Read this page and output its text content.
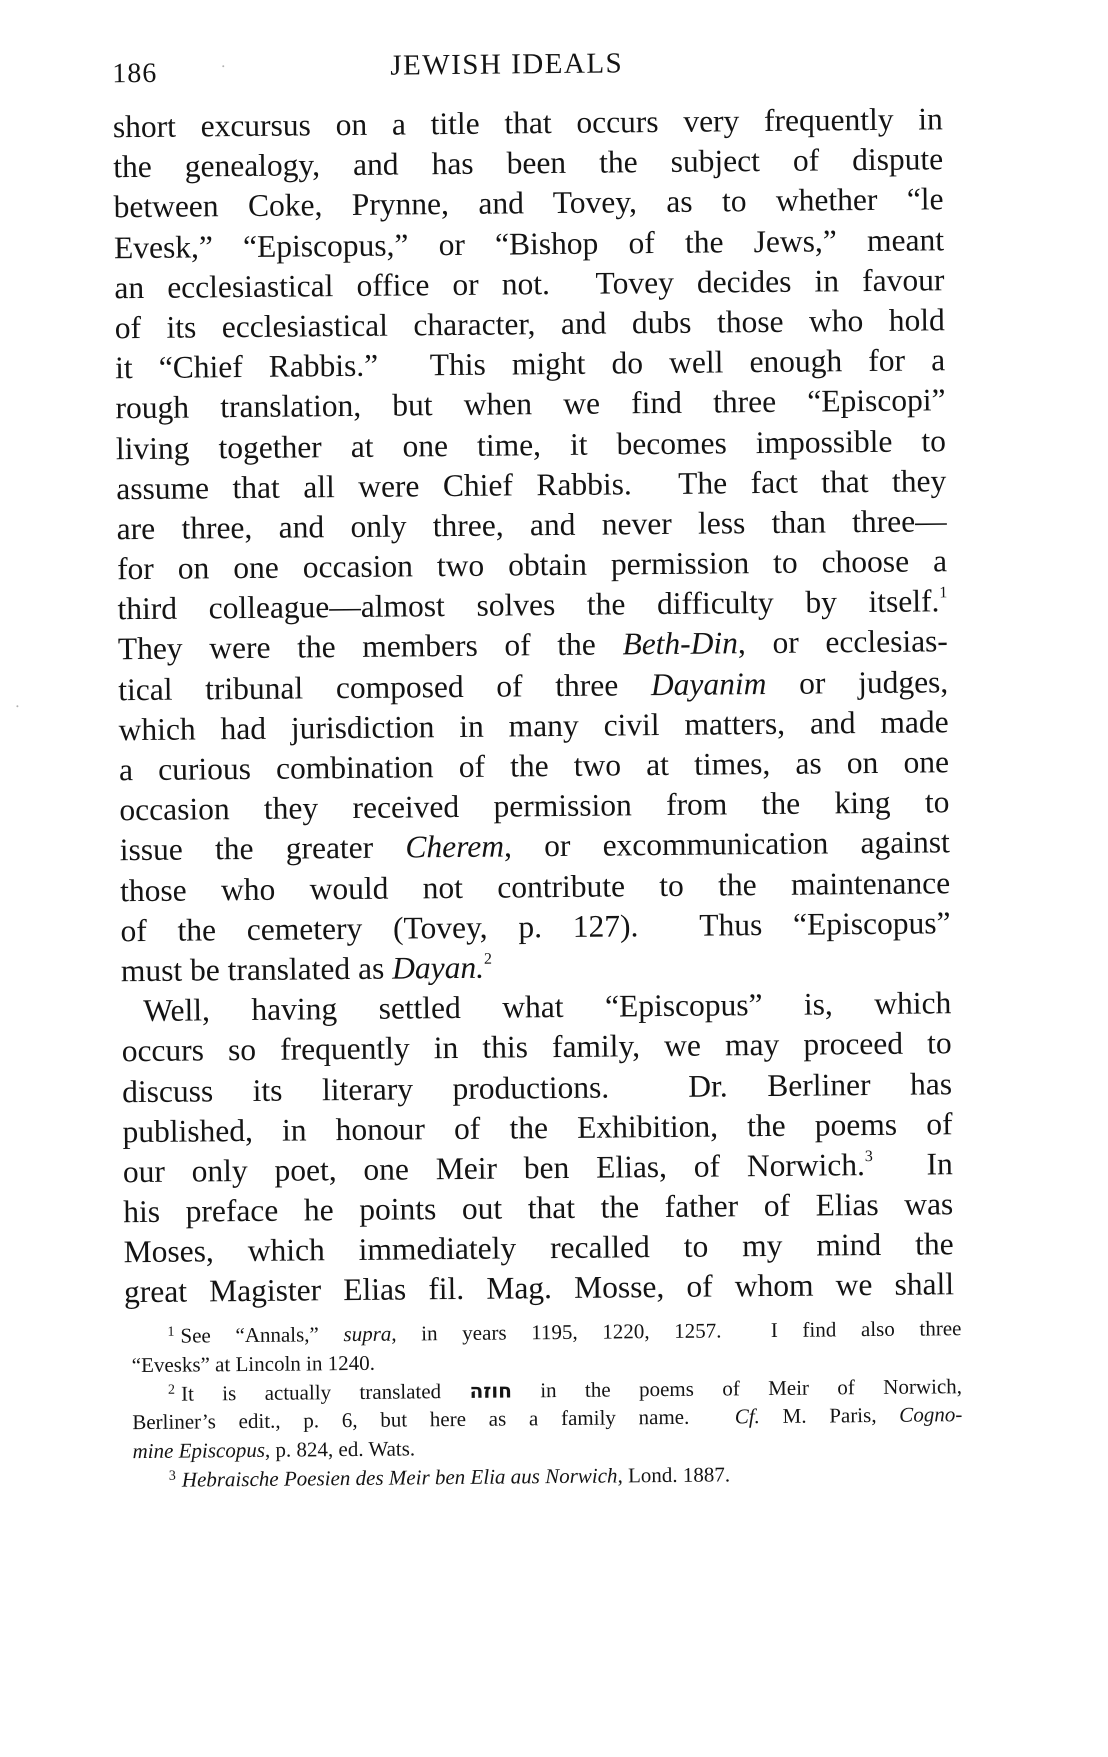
186	JEWISH IDEALS
short excursus on a title that occurs very frequently in
the genealogy, and has been the subject of dispute
between Coke, Prynne, and Tovey, as to whether “le
Evesk,” “Episcopus,” or “Bishop of the Jews,” meant
an ecclesiastical office or not.  Tovey decides in favour
of its ecclesiastical character, and dubs those who hold
it “Chief Rabbis.”  This might do well enough for a
rough translation, but when we find three “Episcopi”
living together at one time, it becomes impossible to
assume that all were Chief Rabbis.  The fact that they
are three, and only three, and never less than three—
for on one occasion two obtain permission to choose a
third colleague—almost solves the difficulty by itself.$^1$
They were the members of the Beth-Din, or ecclesias-
tical tribunal composed of three Dayanim or judges,
which had jurisdiction in many civil matters, and made
a curious combination of the two at times, as on one
occasion they received permission from the king to
issue the greater Cherem, or excommunication against
those who would not contribute to the maintenance
of the cemetery (Tovey, p. 127).  Thus “Episcopus”
must be translated as Dayan.$^2$
Well, having settled what “Episcopus” is, which
occurs so frequently in this family, we may proceed to
discuss its literary productions.  Dr. Berliner has
published, in honour of the Exhibition, the poems of
our only poet, one Meir ben Elias, of Norwich.$^3$  In
his preface he points out that the father of Elias was
Moses, which immediately recalled to my mind the
great Magister Elias fil. Mag. Mosse, of whom we shall
$^1$ See “Annals,” supra, in years 1195, 1220, 1257.  I find also three
“Evesks” at Lincoln in 1240.
$^2$ It is actually translated חוזה in the poems of Meir of Norwich,
Berliner’s edit., p. 6, but here as a family name.  Cf. M. Paris, Cogno-
mine Episcopus, p. 824, ed. Wats.
$^3$ Hebraische Poesien des Meir ben Elia aus Norwich, Lond. 1887.
